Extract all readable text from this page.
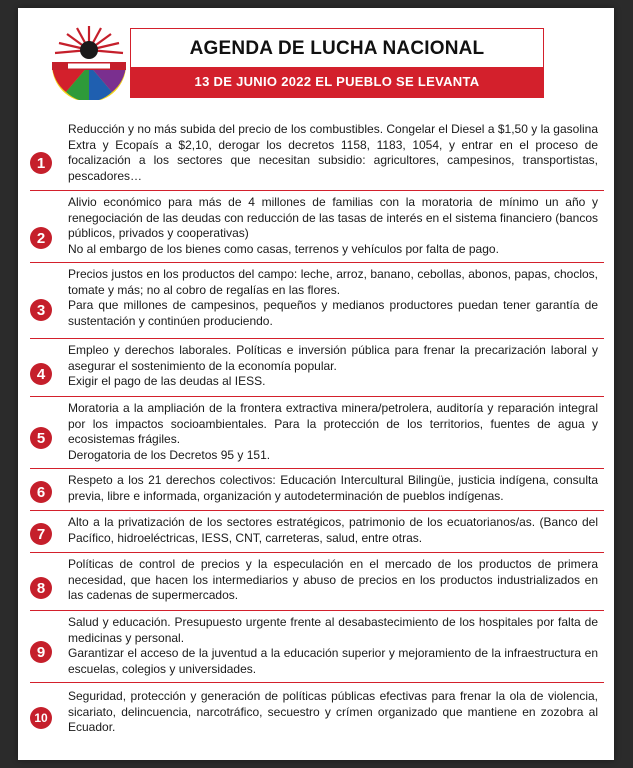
AGENDA DE LUCHA NACIONAL
13 DE JUNIO 2022 EL PUEBLO SE LEVANTA
1

Reducción y no más subida del precio de los combustibles. Congelar el Diesel a $1,50 y la gasolina Extra y Ecopaís a $2,10, derogar los decretos 1158, 1183, 1054, y entrar en el proceso de focalización a los sectores que necesitan subsidio: agricultores, campesinos, transportistas, pescadores…

2

Alivio económico para más de 4 millones de familias con la moratoria de mínimo un año y renegociación de las deudas con reducción de las tasas de interés en el sistema financiero (bancos públicos, privados y cooperativas)

No al embargo de los bienes como casas, terrenos y vehículos por falta de pago.

3

Precios justos en los productos del campo: leche, arroz, banano, cebollas, abonos, papas, choclos, tomate y más; no al cobro de regalías en las flores.

Para que millones de campesinos, pequeños y medianos productores puedan tener garantía de sustentación y continúen produciendo.

4

Empleo y derechos laborales. Políticas e inversión pública para frenar la precarización laboral y asegurar el sostenimiento de la economía popular.

Exigir el pago de las deudas al IESS.

5

Moratoria a la ampliación de la frontera extractiva minera/petrolera, auditoría y reparación integral por los impactos socioambientales. Para la protección de los territorios, fuentes de agua y ecosistemas frágiles.

Derogatoria de los Decretos 95 y 151.

6

Respeto a los 21 derechos colectivos: Educación Intercultural Bilingüe, justicia indígena, consulta previa, libre e informada, organización y autodeterminación de pueblos indígenas.

7

Alto a la privatización de los sectores estratégicos, patrimonio de los ecuatorianos/as. (Banco del Pacífico, hidroeléctricas, IESS, CNT, carreteras, salud, entre otras.

8

Políticas de control de precios y la especulación en el mercado de los productos de primera necesidad, que hacen los intermediarios y abuso de precios en los productos industrializados en las cadenas de supermercados.

9

Salud y educación. Presupuesto urgente frente al desabastecimiento de los hospitales por falta de medicinas y personal.

Garantizar el acceso de la juventud a la educación superior y mejoramiento de la infraestructura en escuelas, colegios y universidades.

10

Seguridad, protección y generación de políticas públicas efectivas para frenar la ola de violencia, sicariato, delincuencia, narcotráfico, secuestro y crímen organizado que mantiene en zozobra al Ecuador.
